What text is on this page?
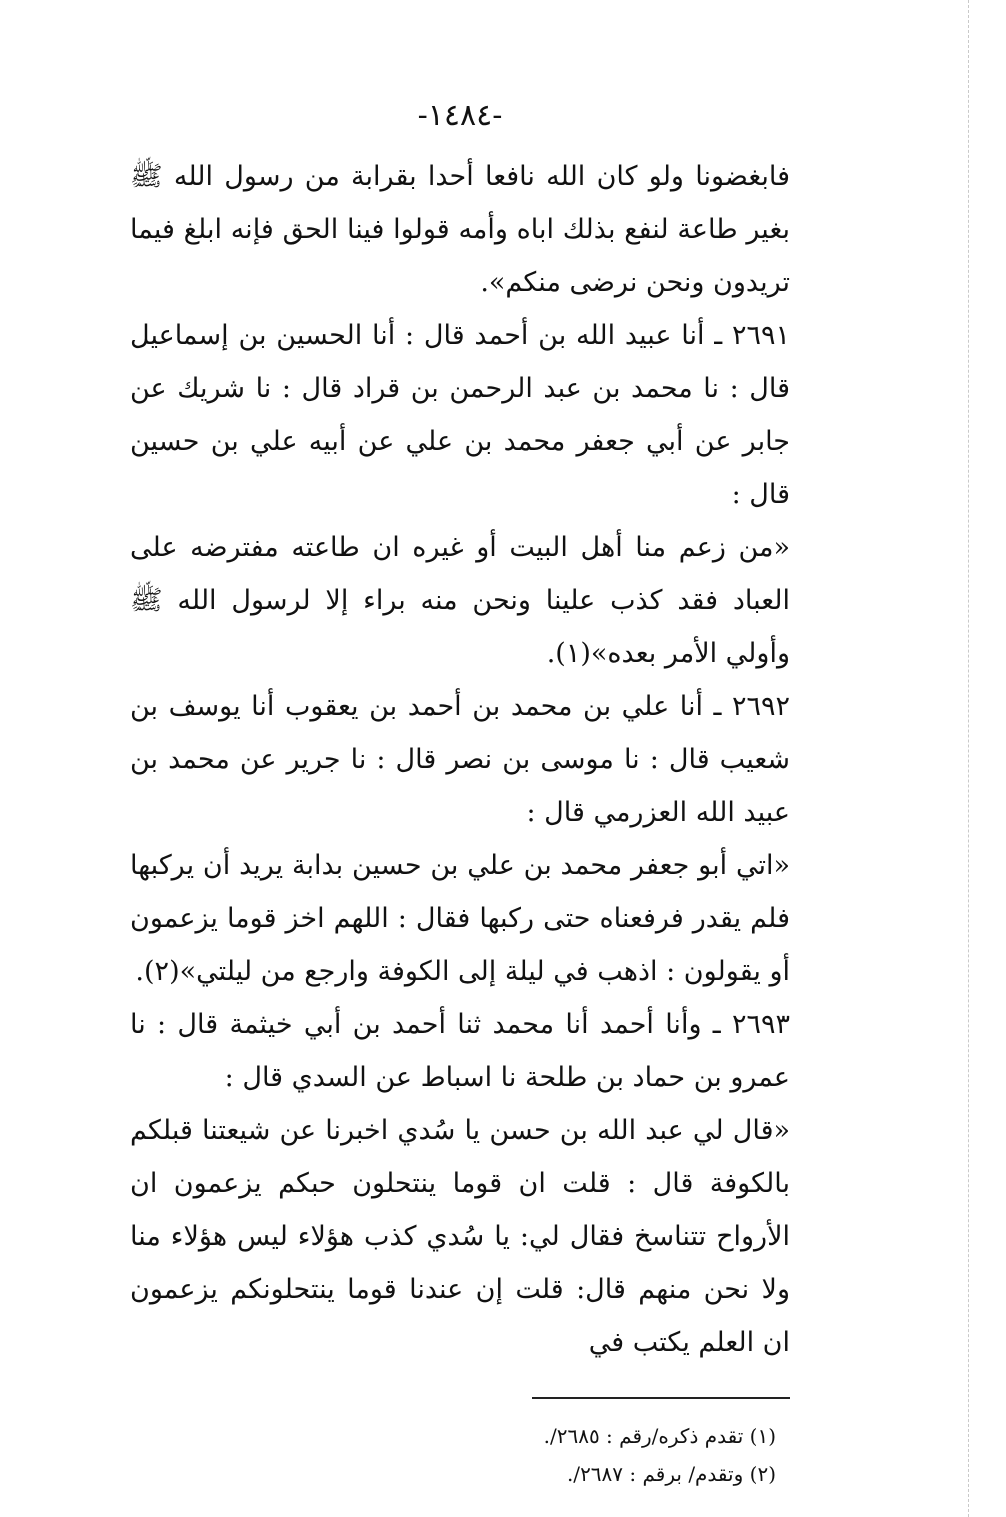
-١٤٨٤-

فابغضونا ولو كان الله نافعا أحدا بقرابة من رسول الله ﷺ بغير طاعة لنفع بذلك اباه وأمه قولوا فينا الحق فإنه ابلغ فيما تريدون ونحن نرضى منكم».

٢٦٩١ ـ أنا عبيد الله بن أحمد قال : أنا الحسين بن إسماعيل قال : نا محمد بن عبد الرحمن بن قراد قال : نا شريك عن جابر عن أبي جعفر محمد بن علي عن أبيه علي بن حسين قال :

«من زعم منا أهل البيت أو غيره ان طاعته مفترضه على العباد فقد كذب علينا ونحن منه براء إلا لرسول الله ﷺ وأولي الأمر بعده»(١).

٢٦٩٢ ـ أنا علي بن محمد بن أحمد بن يعقوب أنا يوسف بن شعيب قال : نا موسى بن نصر قال : نا جرير عن محمد بن عبيد الله العزرمي قال :

«اتي أبو جعفر محمد بن علي بن حسين بدابة يريد أن يركبها فلم يقدر فرفعناه حتى ركبها فقال : اللهم اخز قوما يزعمون أو يقولون : اذهب في ليلة إلى الكوفة وارجع من ليلتي»(٢).

٢٦٩٣ ـ وأنا أحمد أنا محمد ثنا أحمد بن أبي خيثمة قال : نا عمرو بن حماد بن طلحة نا اسباط عن السدي قال :

«قال لي عبد الله بن حسن يا سُدي اخبرنا عن شيعتنا قبلكم بالكوفة قال : قلت ان قوما ينتحلون حبكم يزعمون ان الأرواح تتناسخ فقال لي: يا سُدي كذب هؤلاء ليس هؤلاء منا ولا نحن منهم قال: قلت إن عندنا قوما ينتحلونكم يزعمون ان العلم يكتب في

(١) تقدم ذكره/رقم : ٢٦٨٥/.

(٢) وتقدم/ برقم : ٢٦٨٧/.
